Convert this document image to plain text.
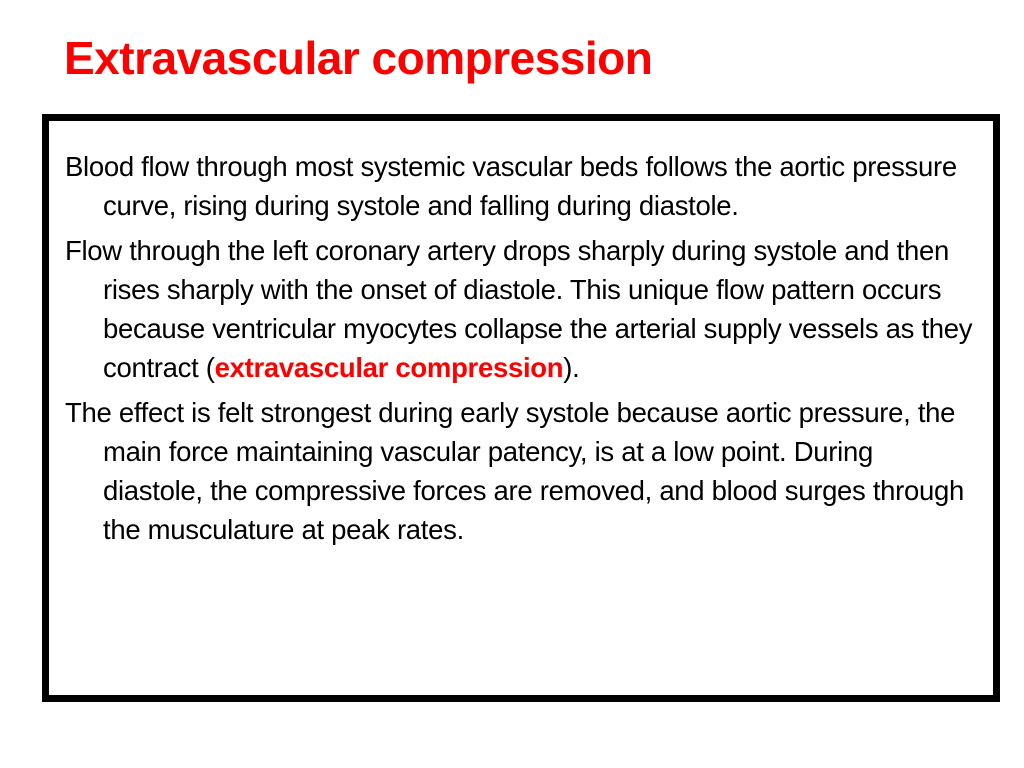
Extravascular compression

Blood flow through most systemic vascular beds follows the aortic pressure curve, rising during systole and falling during diastole.

Flow through the left coronary artery drops sharply during systole and then rises sharply with the onset of diastole. This unique flow pattern occurs because ventricular myocytes collapse the arterial supply vessels as they contract (extravascular compression).

The effect is felt strongest during early systole because aortic pressure, the main force maintaining vascular patency, is at a low point. During diastole, the compressive forces are removed, and blood surges through the musculature at peak rates.
